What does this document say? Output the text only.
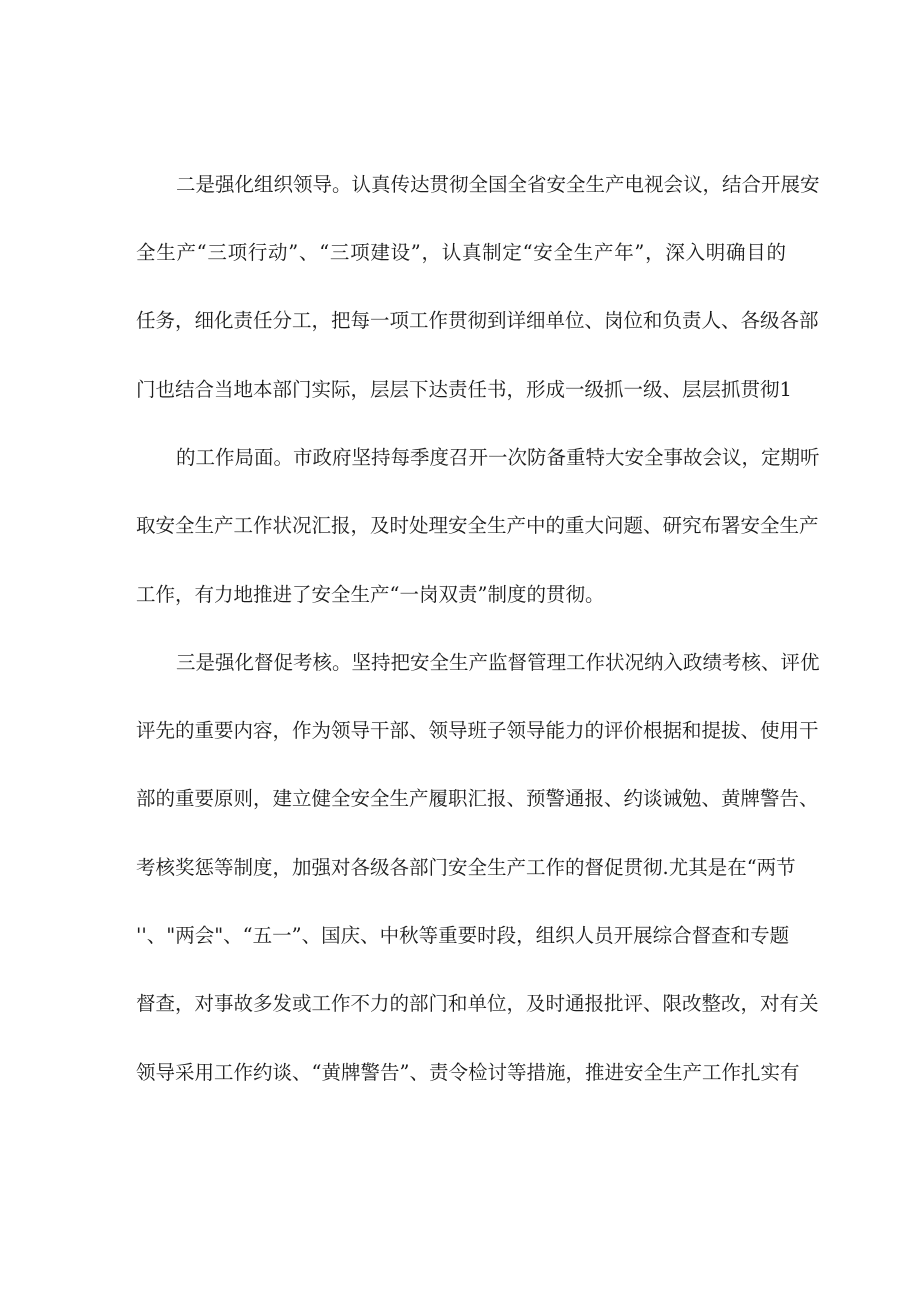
二是强化组织领导。认真传达贯彻全国全省安全生产电视会议，结合开展安
全生产“三项行动”、“三项建设”，认真制定“安全生产年”，深入明确目的
任务，细化责任分工，把每一项工作贯彻到详细单位、岗位和负责人、各级各部
门也结合当地本部门实际，层层下达责任书，形成一级抓一级、层层抓贯彻1
的工作局面。市政府坚持每季度召开一次防备重特大安全事故会议，定期听
取安全生产工作状况汇报，及时处理安全生产中的重大问题、研究布署安全生产
工作，有力地推进了安全生产“一岗双责”制度的贯彻。
三是强化督促考核。坚持把安全生产监督管理工作状况纳入政绩考核、评优
评先的重要内容，作为领导干部、领导班子领导能力的评价根据和提拔、使用干
部的重要原则，建立健全安全生产履职汇报、预警通报、约谈诫勉、黄牌警告、
考核奖惩等制度，加强对各级各部门安全生产工作的督促贯彻.尤其是在“两节
''、"两会"、“五一”、国庆、中秋等重要时段，组织人员开展综合督查和专题
督查，对事故多发或工作不力的部门和单位，及时通报批评、限改整改，对有关
领导采用工作约谈、“黄牌警告”、责令检讨等措施，推进安全生产工作扎实有
